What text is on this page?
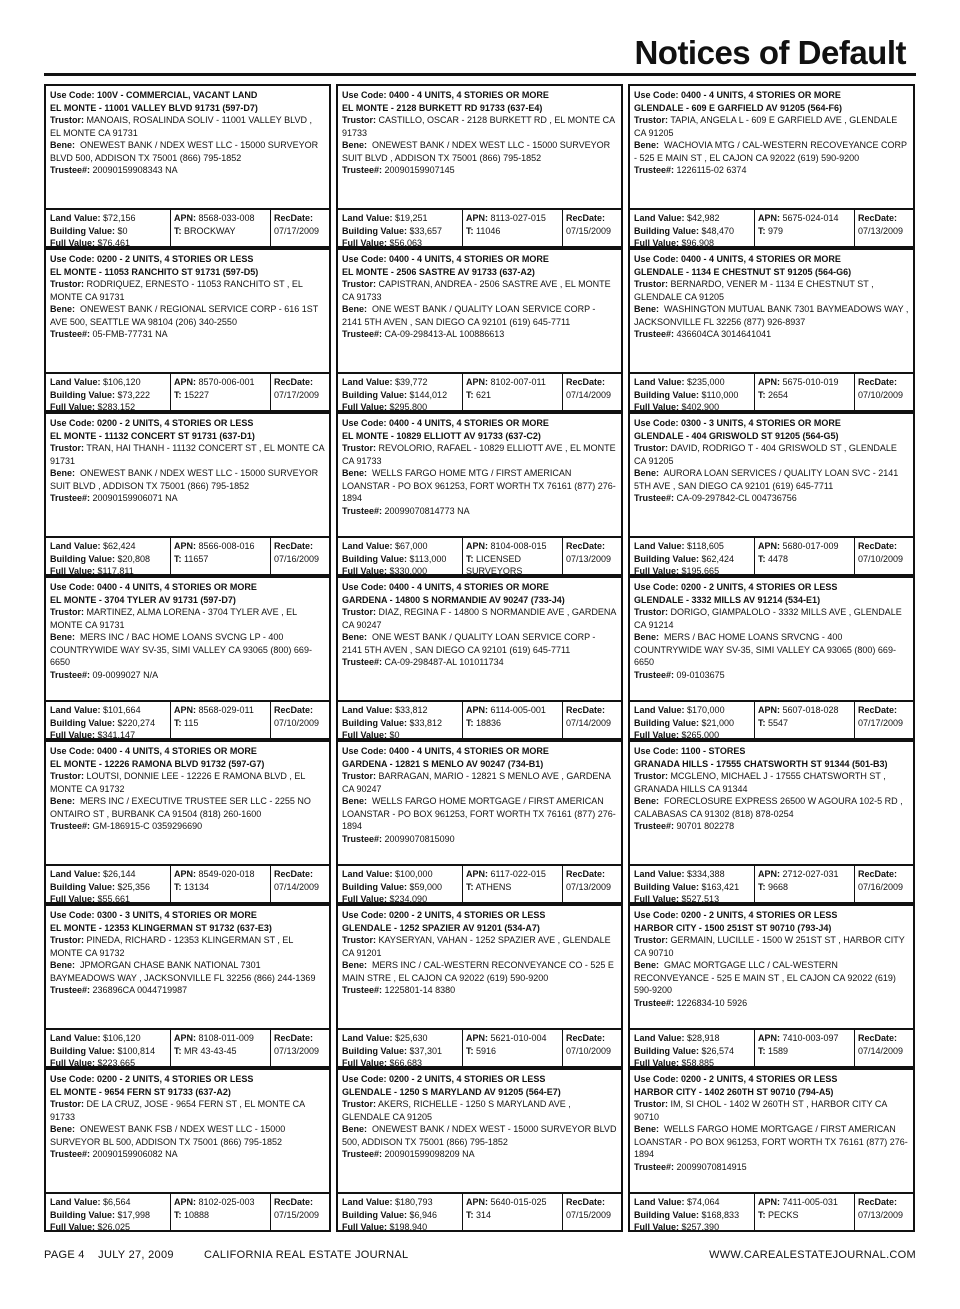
Notices of Default
Use Code: 100V - COMMERCIAL, VACANT LAND
EL MONTE - 11001 VALLEY BLVD 91731 (597-D7)
Trustor: MANOAIS, ROSALINDA SOLIV - 11001 VALLEY BLVD , EL MONTE CA 91731
Bene: ONEWEST BANK / NDEX WEST LLC - 15000 SURVEYOR BLVD 500, ADDISON TX 75001 (866) 795-1852
Trustee#: 20090159908343 NA
Land Value: $72,156
Building Value: $0
Full Value: $76,461
APN: 8568-033-008
T: BROCKWAY
RecDate:
07/17/2009
Use Code: 0200 - 2 UNITS, 4 STORIES OR LESS
EL MONTE - 11053 RANCHITO ST 91731 (597-D5)
Trustor: RODRIQUEZ, ERNESTO - 11053 RANCHITO ST , EL MONTE CA 91731
Bene: ONEWEST BANK / REGIONAL SERVICE CORP - 616 1ST AVE 500, SEATTLE WA 98104 (206) 340-2550
Trustee#: 05-FMB-77731 NA
Land Value: $106,120
Building Value: $73,222
Full Value: $283,152
APN: 8570-006-001
T: 15227
RecDate:
07/17/2009
Use Code: 0200 - 2 UNITS, 4 STORIES OR LESS
EL MONTE - 11132 CONCERT ST 91731 (637-D1)
Trustor: TRAN, HAI THANH - 11132 CONCERT ST , EL MONTE CA 91731
Bene: ONEWEST BANK / NDEX WEST LLC - 15000 SURVEYOR SUIT BLVD , ADDISON TX 75001 (866) 795-1852
Trustee#: 20090159906071 NA
Land Value: $62,424
Building Value: $20,808
Full Value: $117,811
APN: 8566-008-016
T: 11657
RecDate:
07/16/2009
Use Code: 0400 - 4 UNITS, 4 STORIES OR MORE
EL MONTE - 3704 TYLER AV 91731 (597-D7)
Trustor: MARTINEZ, ALMA LORENA - 3704 TYLER AVE , EL MONTE CA 91731
Bene: MERS INC / BAC HOME LOANS SVCNG LP - 400 COUNTRYWIDE WAY SV-35, SIMI VALLEY CA 93065 (800) 669-6650
Trustee#: 09-0099027 N/A
Land Value: $101,664
Building Value: $220,274
Full Value: $341,147
APN: 8568-029-011
T: 115
RecDate:
07/10/2009
Use Code: 0400 - 4 UNITS, 4 STORIES OR MORE
EL MONTE - 12226 RAMONA BLVD 91732 (597-G7)
Trustor: LOUTSI, DONNIE LEE - 12226 E RAMONA BLVD , EL MONTE CA 91732
Bene: MERS INC / EXECUTIVE TRUSTEE SER LLC - 2255 NO ONTAIRO ST , BURBANK CA 91504 (818) 260-1600
Trustee#: GM-186915-C 0359296690
Land Value: $26,144
Building Value: $25,356
Full Value: $55,661
APN: 8549-020-018
T: 13134
RecDate:
07/14/2009
Use Code: 0300 - 3 UNITS, 4 STORIES OR MORE
EL MONTE - 12353 KLINGERMAN ST 91732 (637-E3)
Trustor: PINEDA, RICHARD - 12353 KLINGERMAN ST , EL MONTE CA 91732
Bene: JPMORGAN CHASE BANK NATIONAL 7301 BAYMEADOWS WAY , JACKSONVILLE FL 32256 (866) 244-1369
Trustee#: 236896CA 0044719987
Land Value: $106,120
Building Value: $100,814
Full Value: $223,665
APN: 8108-011-009
T: MR 43-43-45
RecDate:
07/13/2009
Use Code: 0200 - 2 UNITS, 4 STORIES OR LESS
EL MONTE - 9654 FERN ST 91733 (637-A2)
Trustor: DE LA CRUZ, JOSE - 9654 FERN ST , EL MONTE CA 91733
Bene: ONEWEST BANK FSB / NDEX WEST LLC - 15000 SURVEYOR BL 500, ADDISON TX 75001 (866) 795-1852
Trustee#: 20090159906082 NA
Land Value: $6,564
Building Value: $17,998
Full Value: $26,025
APN: 8102-025-003
T: 10888
RecDate:
07/15/2009
Use Code: 0400 - 4 UNITS, 4 STORIES OR MORE
EL MONTE - 2128 BURKETT RD 91733 (637-E4)
Trustor: CASTILLO, OSCAR - 2128 BURKETT RD , EL MONTE CA 91733
Bene: ONEWEST BANK / NDEX WEST LLC - 15000 SURVEYOR SUIT BLVD , ADDISON TX 75001 (866) 795-1852
Trustee#: 20090159907145
Land Value: $19,251
Building Value: $33,657
Full Value: $56,063
APN: 8113-027-015
T: 11046
RecDate:
07/15/2009
Use Code: 0400 - 4 UNITS, 4 STORIES OR MORE
EL MONTE - 2506 SASTRE AV 91733 (637-A2)
Trustor: CAPISTRAN, ANDREA - 2506 SASTRE AVE , EL MONTE CA 91733
Bene: ONE WEST BANK / QUALITY LOAN SERVICE CORP - 2141 5TH AVEN , SAN DIEGO CA 92101 (619) 645-7711
Trustee#: CA-09-298413-AL 100886613
Land Value: $39,772
Building Value: $144,012
Full Value: $295,800
APN: 8102-007-011
T: 621
RecDate:
07/14/2009
Use Code: 0400 - 4 UNITS, 4 STORIES OR MORE
EL MONTE - 10829 ELLIOTT AV 91733 (637-C2)
Trustor: REVOLORIO, RAFAEL - 10829 ELLIOTT AVE , EL MONTE CA 91733
Bene: WELLS FARGO HOME MTG / FIRST AMERICAN LOANSTAR - PO BOX 961253, FORT WORTH TX 76161 (877) 276-1894
Trustee#: 20099070814773 NA
Land Value: $67,000
Building Value: $113,000
Full Value: $330,000
APN: 8104-008-015
T: LICENSED SURVEYORS
RecDate:
07/13/2009
Use Code: 0400 - 4 UNITS, 4 STORIES OR MORE
GARDENA - 14800 S NORMANDIE AV 90247 (733-J4)
Trustor: DIAZ, REGINA F - 14800 S NORMANDIE AVE , GARDENA CA 90247
Bene: ONE WEST BANK / QUALITY LOAN SERVICE CORP - 2141 5TH AVEN , SAN DIEGO CA 92101 (619) 645-7711
Trustee#: CA-09-298487-AL 101011734
Land Value: $33,812
Building Value: $33,812
Full Value: $0
APN: 6114-005-001
T: 18836
RecDate:
07/14/2009
Use Code: 0400 - 4 UNITS, 4 STORIES OR MORE
GARDENA - 12821 S MENLO AV 90247 (734-B1)
Trustor: BARRAGAN, MARIO - 12821 S MENLO AVE , GARDENA CA 90247
Bene: WELLS FARGO HOME MORTGAGE / FIRST AMERICAN LOANSTAR - PO BOX 961253, FORT WORTH TX 76161 (877) 276-1894
Trustee#: 20099070815090
Land Value: $100,000
Building Value: $59,000
Full Value: $234,090
APN: 6117-022-015
T: ATHENS
RecDate:
07/13/2009
Use Code: 0200 - 2 UNITS, 4 STORIES OR LESS
GLENDALE - 1252 SPAZIER AV 91201 (534-A7)
Trustor: KAYSERYAN, VAHAN - 1252 SPAZIER AVE , GLENDALE CA 91201
Bene: MERS INC / CAL-WESTERN RECONVEYANCE CO - 525 E MAIN STRE , EL CAJON CA 92022 (619) 590-9200
Trustee#: 1225801-14 8380
Land Value: $25,630
Building Value: $37,301
Full Value: $66,683
APN: 5621-010-004
T: 5916
RecDate:
07/10/2009
Use Code: 0200 - 2 UNITS, 4 STORIES OR LESS
GLENDALE - 1250 S MARYLAND AV 91205 (564-E7)
Trustor: AKERS, RICHELLE - 1250 S MARYLAND AVE , GLENDALE CA 91205
Bene: ONEWEST BANK / NDEX WEST - 15000 SURVEYOR BLVD 500, ADDISON TX 75001 (866) 795-1852
Trustee#: 200901599098209 NA
Land Value: $180,793
Building Value: $6,946
Full Value: $198,940
APN: 5640-015-025
T: 314
RecDate:
07/15/2009
Use Code: 0400 - 4 UNITS, 4 STORIES OR MORE
GLENDALE - 609 E GARFIELD AV 91205 (564-F6)
Trustor: TAPIA, ANGELA L - 609 E GARFIELD AVE , GLENDALE CA 91205
Bene: WACHOVIA MTG / CAL-WESTERN RECOVEYANCE CORP - 525 E MAIN ST , EL CAJON CA 92022 (619) 590-9200
Trustee#: 1226115-02 6374
Land Value: $42,982
Building Value: $48,470
Full Value: $96,908
APN: 5675-024-014
T: 979
RecDate:
07/13/2009
Use Code: 0400 - 4 UNITS, 4 STORIES OR MORE
GLENDALE - 1134 E CHESTNUT ST 91205 (564-G6)
Trustor: BERNARDO, VENER M - 1134 E CHESTNUT ST , GLENDALE CA 91205
Bene: WASHINGTON MUTUAL BANK 7301 BAYMEADOWS WAY , JACKSONVILLE FL 32256 (877) 926-8937
Trustee#: 436604CA 3014641041
Land Value: $235,000
Building Value: $110,000
Full Value: $402,900
APN: 5675-010-019
T: 2654
RecDate:
07/10/2009
Use Code: 0300 - 3 UNITS, 4 STORIES OR MORE
GLENDALE - 404 GRISWOLD ST 91205 (564-G5)
Trustor: DAVID, RODRIGO T - 404 GRISWOLD ST , GLENDALE CA 91205
Bene: AURORA LOAN SERVICES / QUALITY LOAN SVC - 2141 5TH AVE , SAN DIEGO CA 92101 (619) 645-7711
Trustee#: CA-09-297842-CL 004736756
Land Value: $118,605
Building Value: $62,424
Full Value: $195,665
APN: 5680-017-009
T: 4478
RecDate:
07/10/2009
Use Code: 0200 - 2 UNITS, 4 STORIES OR LESS
GLENDALE - 3332 MILLS AV 91214 (534-E1)
Trustor: DORIGO, GIAMPALOLO - 3332 MILLS AVE , GLENDALE CA 91214
Bene: MERS / BAC HOME LOANS SRVCNG - 400 COUNTRYWIDE WAY SV-35, SIMI VALLEY CA 93065 (800) 669-6650
Trustee#: 09-0103675
Land Value: $170,000
Building Value: $21,000
Full Value: $265,000
APN: 5607-018-028
T: 5547
RecDate:
07/17/2009
Use Code: 1100 - STORES
GRANADA HILLS - 17555 CHATSWORTH ST 91344 (501-B3)
Trustor: MCGLENO, MICHAEL J - 17555 CHATSWORTH ST , GRANADA HILLS CA 91344
Bene: FORECLOSURE EXPRESS 26500 W AGOURA 102-5 RD , CALABASAS CA 91302 (818) 878-0254
Trustee#: 90701 802278
Land Value: $334,388
Building Value: $163,421
Full Value: $527,513
APN: 2712-027-031
T: 9668
RecDate:
07/16/2009
Use Code: 0200 - 2 UNITS, 4 STORIES OR LESS
HARBOR CITY - 1500 251ST ST 90710 (793-J4)
Trustor: GERMAIN, LUCILLE - 1500 W 251ST ST , HARBOR CITY CA 90710
Bene: GMAC MORTGAGE LLC / CAL-WESTERN RECONVEYANCE - 525 E MAIN ST , EL CAJON CA 92022 (619) 590-9200
Trustee#: 1226834-10 5926
Land Value: $28,918
Building Value: $26,574
Full Value: $58,885
APN: 7410-003-097
T: 1589
RecDate:
07/14/2009
Use Code: 0200 - 2 UNITS, 4 STORIES OR LESS
HARBOR CITY - 1402 260TH ST 90710 (794-A5)
Trustor: IM, SI CHOL - 1402 W 260TH ST , HARBOR CITY CA 90710
Bene: WELLS FARGO HOME MORTGAGE / FIRST AMERICAN LOANSTAR - PO BOX 961253, FORT WORTH TX 76161 (877) 276-1894
Trustee#: 20099070814915
Land Value: $74,064
Building Value: $168,833
Full Value: $257,390
APN: 7411-005-031
T: PECKS
RecDate:
07/13/2009
PAGE 4    JULY 27, 2009         CALIFORNIA REAL ESTATE JOURNAL	WWW.CAREALESTATEJOURNAL.COM
